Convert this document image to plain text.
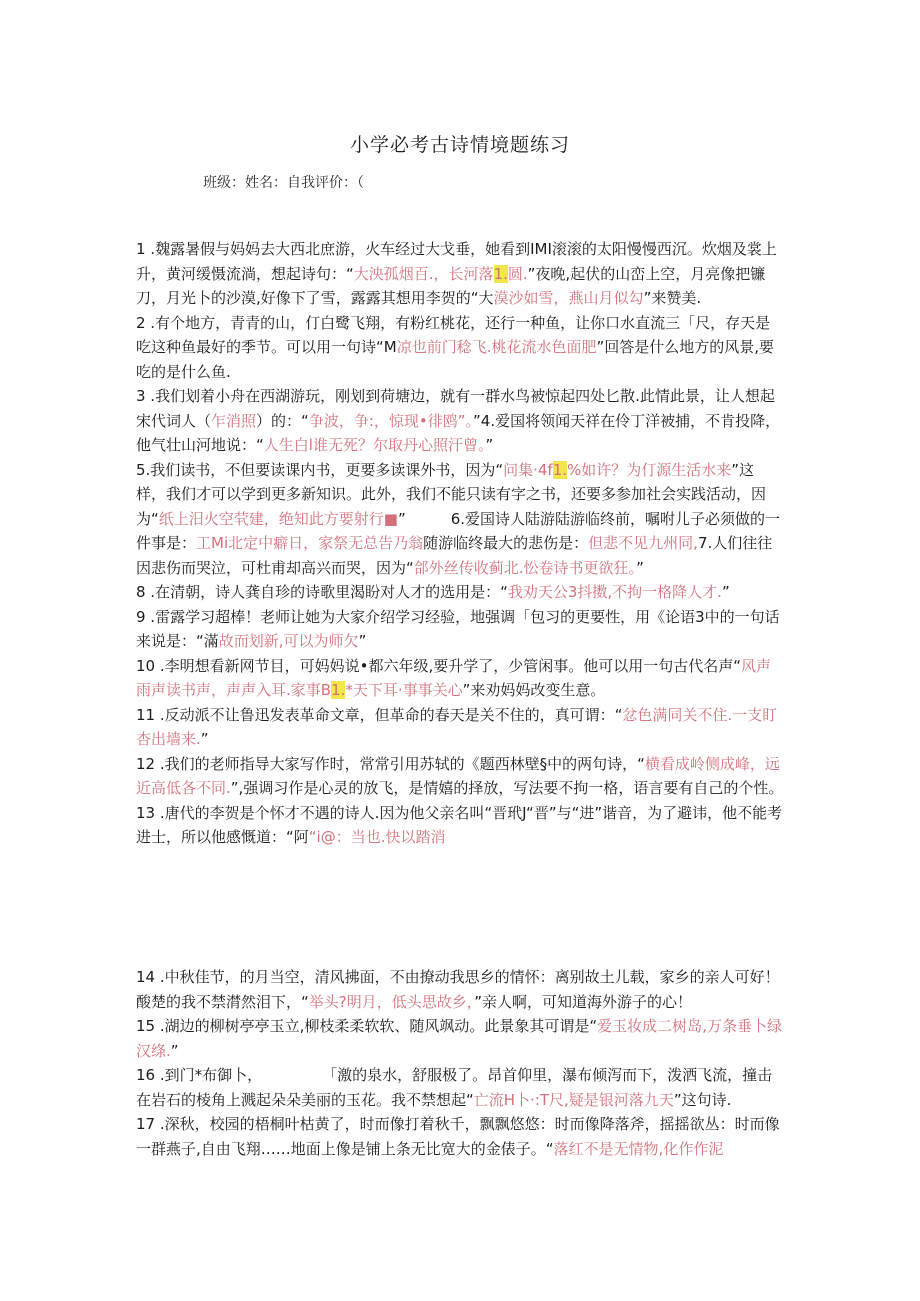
小学必考古诗情境题练习
班级：姓名：自我评价：（

1 .魏露暑假与妈妈去大西北庶游，火车经过大戈垂，她看到IMI滚滚的太阳慢慢西沉。炊烟及裳上升，黄河缓慑流淌，想起诗句：“大泱孤烟百.，长河落1.圆.”夜晚,起伏的山峦上空，月亮像把镰刀，月光卜的沙漠,好像下了雪，露露其想用李贺的“大漠沙如雪，燕山月似勾”来赞美.

2 .有个地方，青青的山，仃白鹭飞翔，有粉红桃花，还行一种鱼，让你口水直流三「尺，存天是吃这种鱼最好的季节。可以用一句诗“M凉也前门稔飞.桃花流水色面肥”回答是什么地方的风景,要吃的是什么鱼.

3 .我们划着小舟在西湖游玩，刚划到荷塘边，就有一群水鸟被惊起四处匕散.此情此景，让人想起宋代词人（乍消照）的：“争波，争:，惊现•徘鸥”。”4.爱国将领闻天祥在伶丁洋被捕，不肯投降，他气壮山河地说：“人生白l谁无死？尔取丹心照汗曾。”

5.我们读书，不但要读课内书，更要多读课外书，因为“问集·4f1.%如许？为仃源生活水来”这样，我们才可以学到更多新知识。此外，我们不能只读有字之书，还要多参加社会实践活动，因为“纸上汨火空茕建，绝知此方要射行■”　　　6.爱国诗人陆游陆游临终前，嘱咐儿子必须做的一件事是：工Mi北定中癖日，家祭无总告乃翁随游临终最大的悲伤是：但悲不见九州同,7.人们往往因悲伤而哭泣，可杜甫却高兴而哭，因为“郃外丝传收蓟北.忪卷诗书更欲狂。”

8 .在清朝，诗人龚自珍的诗歌里渴盼对人才的选用是：“我劝天公3抖擞,不拘一格降人才.”

9 .雷露学习超棒！老师让她为大家介绍学习经验，地强调「包习的更要性，用《论语3中的一句话来说是：“滿故而划新,可以为师欠”

10 .李明想看新网节目，可妈妈说•都六年级,要升学了，少管闲事。他可以用一句古代名声“风声雨声读书声，声声入耳.家事B1.*天下耳·事事关心”来劝妈妈改变生意。

11 .反动派不让鲁迅发表革命文章，但革命的春天是关不住的，真可谓：“忿色满同关不住.一支盯杏出墙来.”

12 .我们的老师指导大家写作时，常常引用苏轼的《题西林壁§中的两句诗，“横看成岭侧成峰，远近高低各不同.”,强调习作是心灵的放飞，是情嬉的择放，写法要不拘一格，语言要有自己的个性。

13 .唐代的李贺是个怀才不遇的诗人.因为他父亲名叫“晋玳J“晋”与“进”谐音，为了避讳，他不能考进士，所以他感慨道：“阿“i@：当也.快以踏消

14 .中秋佳节，的月当空，清风拂面，不由撩动我思乡的情怀：离别故土儿载，家乡的亲人可好！酸楚的我不禁潸然泪下，“举头?明月，低头思故乡，”亲人啊，可知道海外游子的心！

15 .湖边的柳树亭亭玉立,柳枝柔柔软软、随风飒动。此景象其可谓是“爱玉妆成二树岛,万条垂卜绿汉绦.”

16 .到门*布御卜，　　　　　「激的泉水，舒服极了。昂首仰里，瀑布倾泻而下，泼洒飞流，撞击在岩石的棱角上溅起朵朵美丽的玉花。我不禁想起“亡流H卜·:T尺,疑是银河落九天”这句诗.

17 .深秋，校园的梧桐叶枯黄了，时而像打着秋千，飘飘悠悠：时而像降落斧，摇摇欲丛：时而像一群燕子,自由飞翔……地面上像是铺上条无比宽大的金俵子。“落红不是无情物,化作作泥
